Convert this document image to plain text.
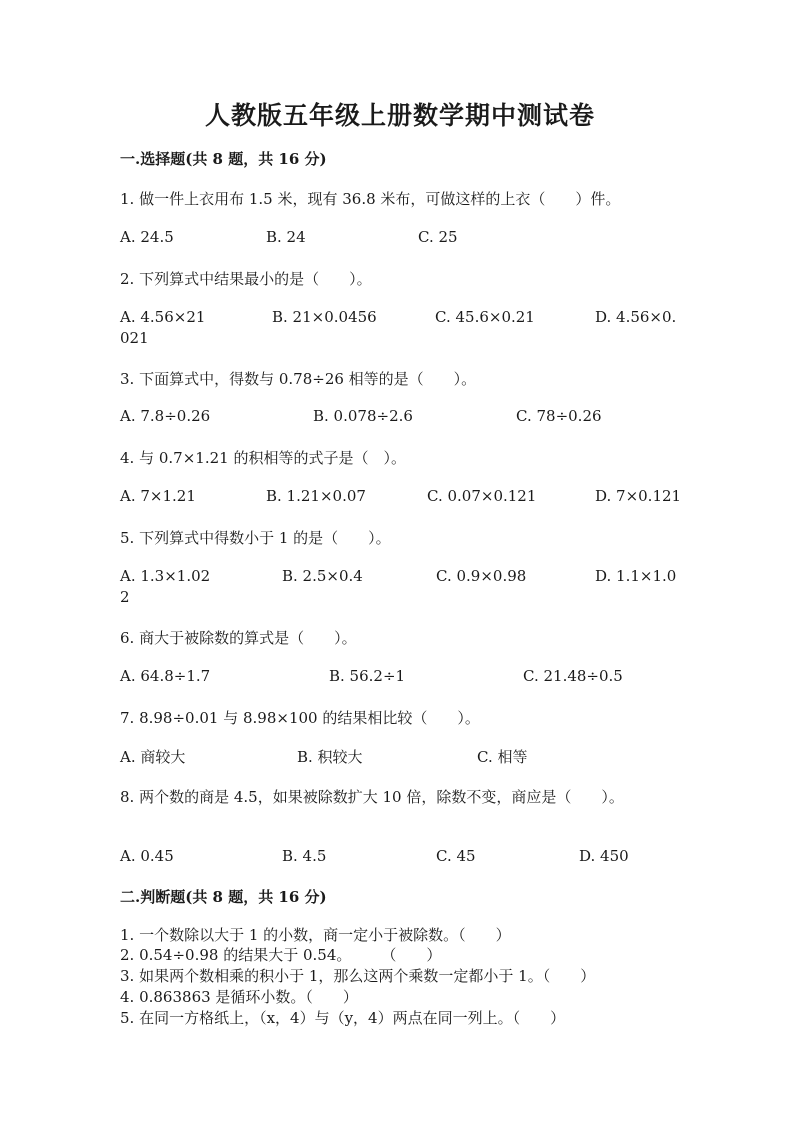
人教版五年级上册数学期中测试卷
一.选择题(共 8 题，共 16 分)
1. 做一件上衣用布 1.5 米，现有 36.8 米布，可做这样的上衣（　　）件。
A. 24.5	B. 24	C. 25
2. 下列算式中结果最小的是（　　）。
A. 4.56×21	B. 21×0.0456	C. 45.6×0.21	D. 4.56×0.
021
3. 下面算式中，得数与 0.78÷26 相等的是（　　）。
A. 7.8÷0.26	B. 0.078÷2.6	C. 78÷0.26
4. 与 0.7×1.21 的积相等的式子是（　）。
A. 7×1.21	B. 1.21×0.07	C. 0.07×0.121	D. 7×0.121
5. 下列算式中得数小于 1 的是（　　）。
A. 1.3×1.02	B. 2.5×0.4	C. 0.9×0.98	D. 1.1×1.0
2
6. 商大于被除数的算式是（　　）。
A. 64.8÷1.7	B. 56.2÷1	C. 21.48÷0.5
7. 8.98÷0.01 与 8.98×100 的结果相比较（　　）。
A. 商较大	B. 积较大	C. 相等
8. 两个数的商是 4.5，如果被除数扩大 10 倍，除数不变，商应是（　　）。
A. 0.45	B. 4.5	C. 45	D. 450
二.判断题(共 8 题，共 16 分)
1. 一个数除以大于 1 的小数，商一定小于被除数。（　　）
2. 0.54÷0.98 的结果大于 0.54。　　　（　　）
3. 如果两个数相乘的积小于 1，那么这两个乘数一定都小于 1。（　　）
4. 0.863863 是循环小数。（　　）
5. 在同一方格纸上，（x，4）与（y，4）两点在同一列上。（　　）
